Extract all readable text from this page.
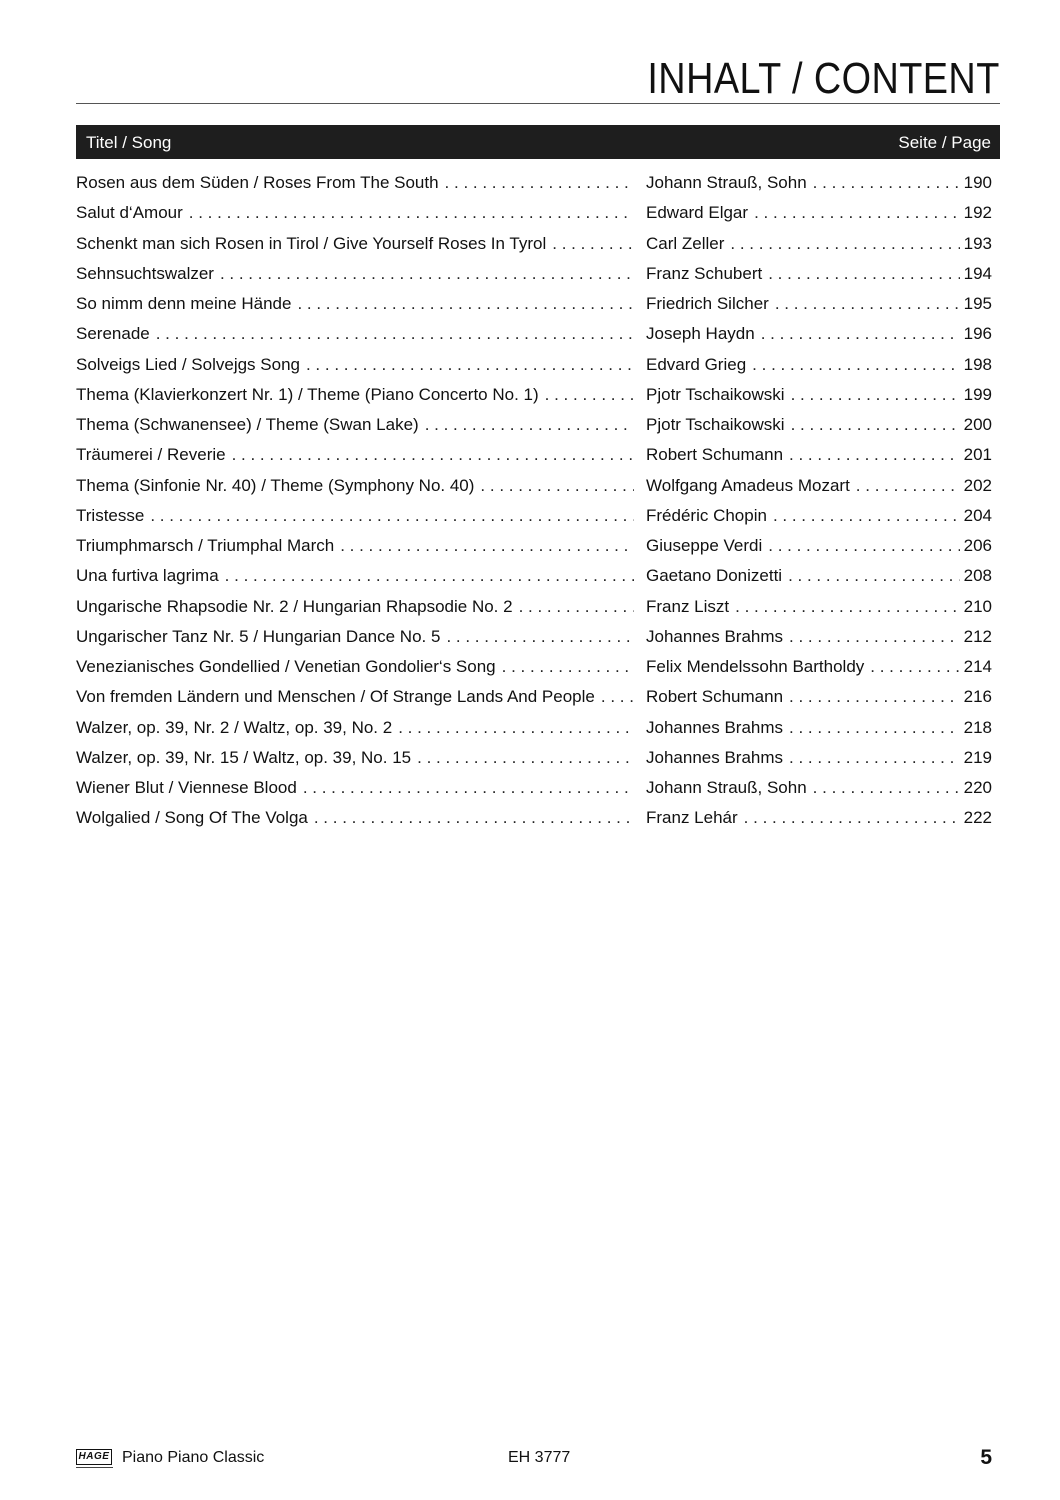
INHALT / CONTENT
Titel / Song	Seite / Page
Rosen aus dem Süden / Roses From The South . . .	Johann Strauß, Sohn . . .	190
Salut d‘Amour . . .	Edward Elgar . . .	192
Schenkt man sich Rosen in Tirol / Give Yourself Roses In Tyrol . . .	Carl Zeller . . .	193
Sehnsuchtswalzer . . .	Franz Schubert . . .	194
So nimm denn meine Hände . . .	Friedrich Silcher . . .	195
Serenade . . .	Joseph Haydn . . .	196
Solveigs Lied / Solvejgs Song . . .	Edvard Grieg . . .	198
Thema (Klavierkonzert Nr. 1) / Theme (Piano Concerto No. 1) . . .	Pjotr Tschaikowski . . .	199
Thema (Schwanensee) / Theme (Swan Lake) . . .	Pjotr Tschaikowski . . .	200
Träumerei / Reverie . . .	Robert Schumann . . .	201
Thema (Sinfonie Nr. 40) / Theme (Symphony No. 40) . . .	Wolfgang Amadeus Mozart . . .	202
Tristesse . . .	Frédéric Chopin . . .	204
Triumphmarsch / Triumphal March . . .	Giuseppe Verdi . . .	206
Una furtiva lagrima . . .	Gaetano Donizetti . . .	208
Ungarische Rhapsodie Nr. 2 / Hungarian Rhapsodie No. 2 . . .	Franz Liszt . . .	210
Ungarischer Tanz Nr. 5 / Hungarian Dance No. 5 . . .	Johannes Brahms . . .	212
Venezianisches Gondellied / Venetian Gondolier‘s Song . . .	Felix Mendelssohn Bartholdy . . .	214
Von fremden Ländern und Menschen / Of Strange Lands And People . . .	Robert Schumann . . .	216
Walzer, op. 39, Nr. 2 / Waltz, op. 39, No. 2 . . .	Johannes Brahms . . .	218
Walzer, op. 39, Nr. 15 / Waltz, op. 39, No. 15 . . .	Johannes Brahms . . .	219
Wiener Blut / Viennese Blood . . .	Johann Strauß, Sohn . . .	220
Wolgalied / Song Of The Volga . . .	Franz Lehár . . .	222
HAGE Piano Piano Classic	EH 3777	5
